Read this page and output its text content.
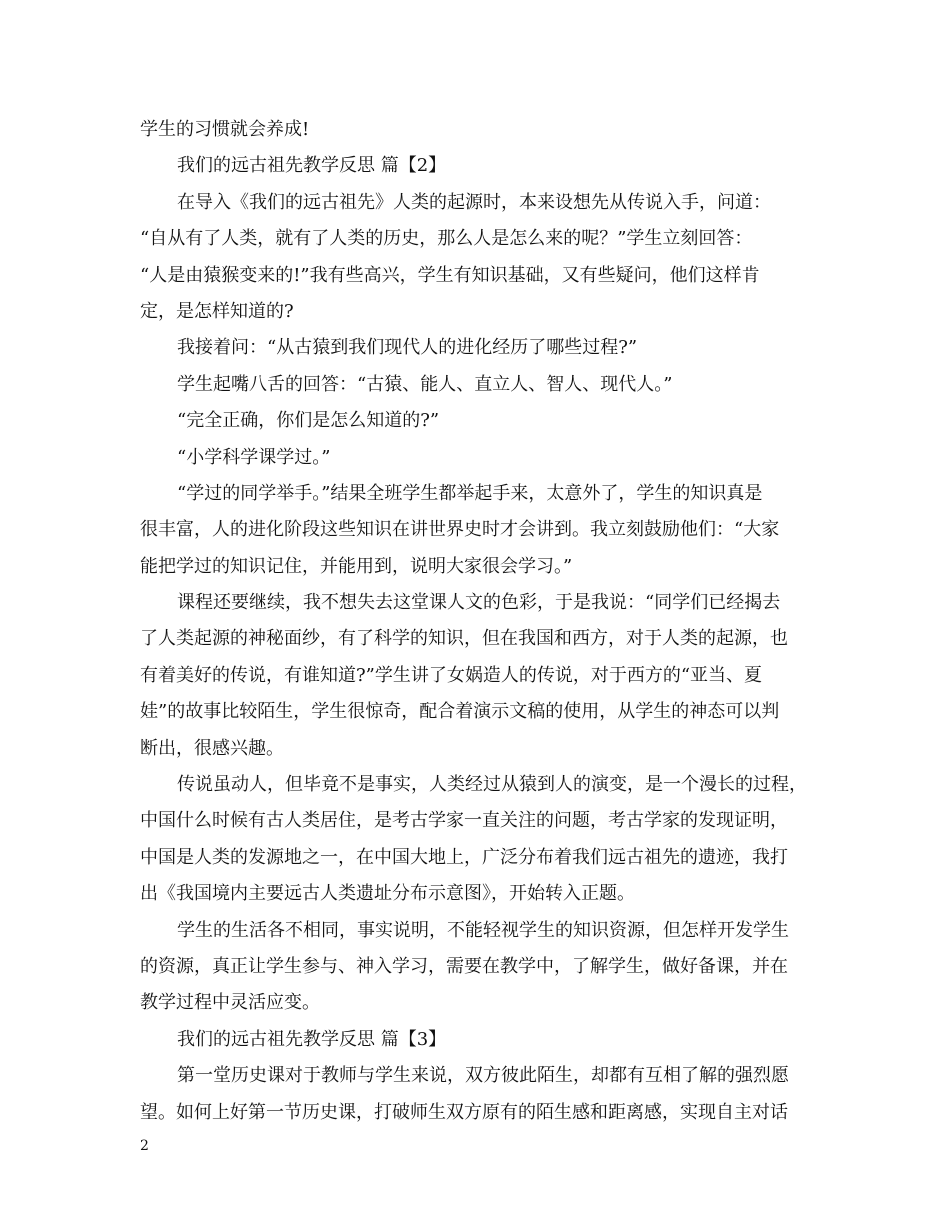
学生的习惯就会养成!
我们的远古祖先教学反思 篇【2】
在导入《我们的远古祖先》人类的起源时，本来设想先从传说入手，问道：
“自从有了人类，就有了人类的历史，那么人是怎么来的呢？”学生立刻回答：
“人是由猿猴变来的!”我有些高兴，学生有知识基础，又有些疑问，他们这样肯
定，是怎样知道的?
我接着问：“从古猿到我们现代人的进化经历了哪些过程?”
学生起嘴八舌的回答：“古猿、能人、直立人、智人、现代人。”
“完全正确，你们是怎么知道的?”
“小学科学课学过。”
“学过的同学举手。”结果全班学生都举起手来，太意外了，学生的知识真是
很丰富，人的进化阶段这些知识在讲世界史时才会讲到。我立刻鼓励他们：“大家
能把学过的知识记住，并能用到，说明大家很会学习。”
课程还要继续，我不想失去这堂课人文的色彩，于是我说：“同学们已经揭去
了人类起源的神秘面纱，有了科学的知识，但在我国和西方，对于人类的起源，也
有着美好的传说，有谁知道?”学生讲了女娲造人的传说，对于西方的“亚当、夏
娃”的故事比较陌生，学生很惊奇，配合着演示文稿的使用，从学生的神态可以判
断出，很感兴趣。
传说虽动人，但毕竟不是事实，人类经过从猿到人的演变，是一个漫长的过程，
中国什么时候有古人类居住，是考古学家一直关注的问题，考古学家的发现证明，
中国是人类的发源地之一，在中国大地上，广泛分布着我们远古祖先的遗迹，我打
出《我国境内主要远古人类遗址分布示意图》，开始转入正题。
学生的生活各不相同，事实说明，不能轻视学生的知识资源，但怎样开发学生
的资源，真正让学生参与、神入学习，需要在教学中，了解学生，做好备课，并在
教学过程中灵活应变。
我们的远古祖先教学反思 篇【3】
第一堂历史课对于教师与学生来说，双方彼此陌生，却都有互相了解的强烈愿
望。如何上好第一节历史课，打破师生双方原有的陌生感和距离感，实现自主对话
2
